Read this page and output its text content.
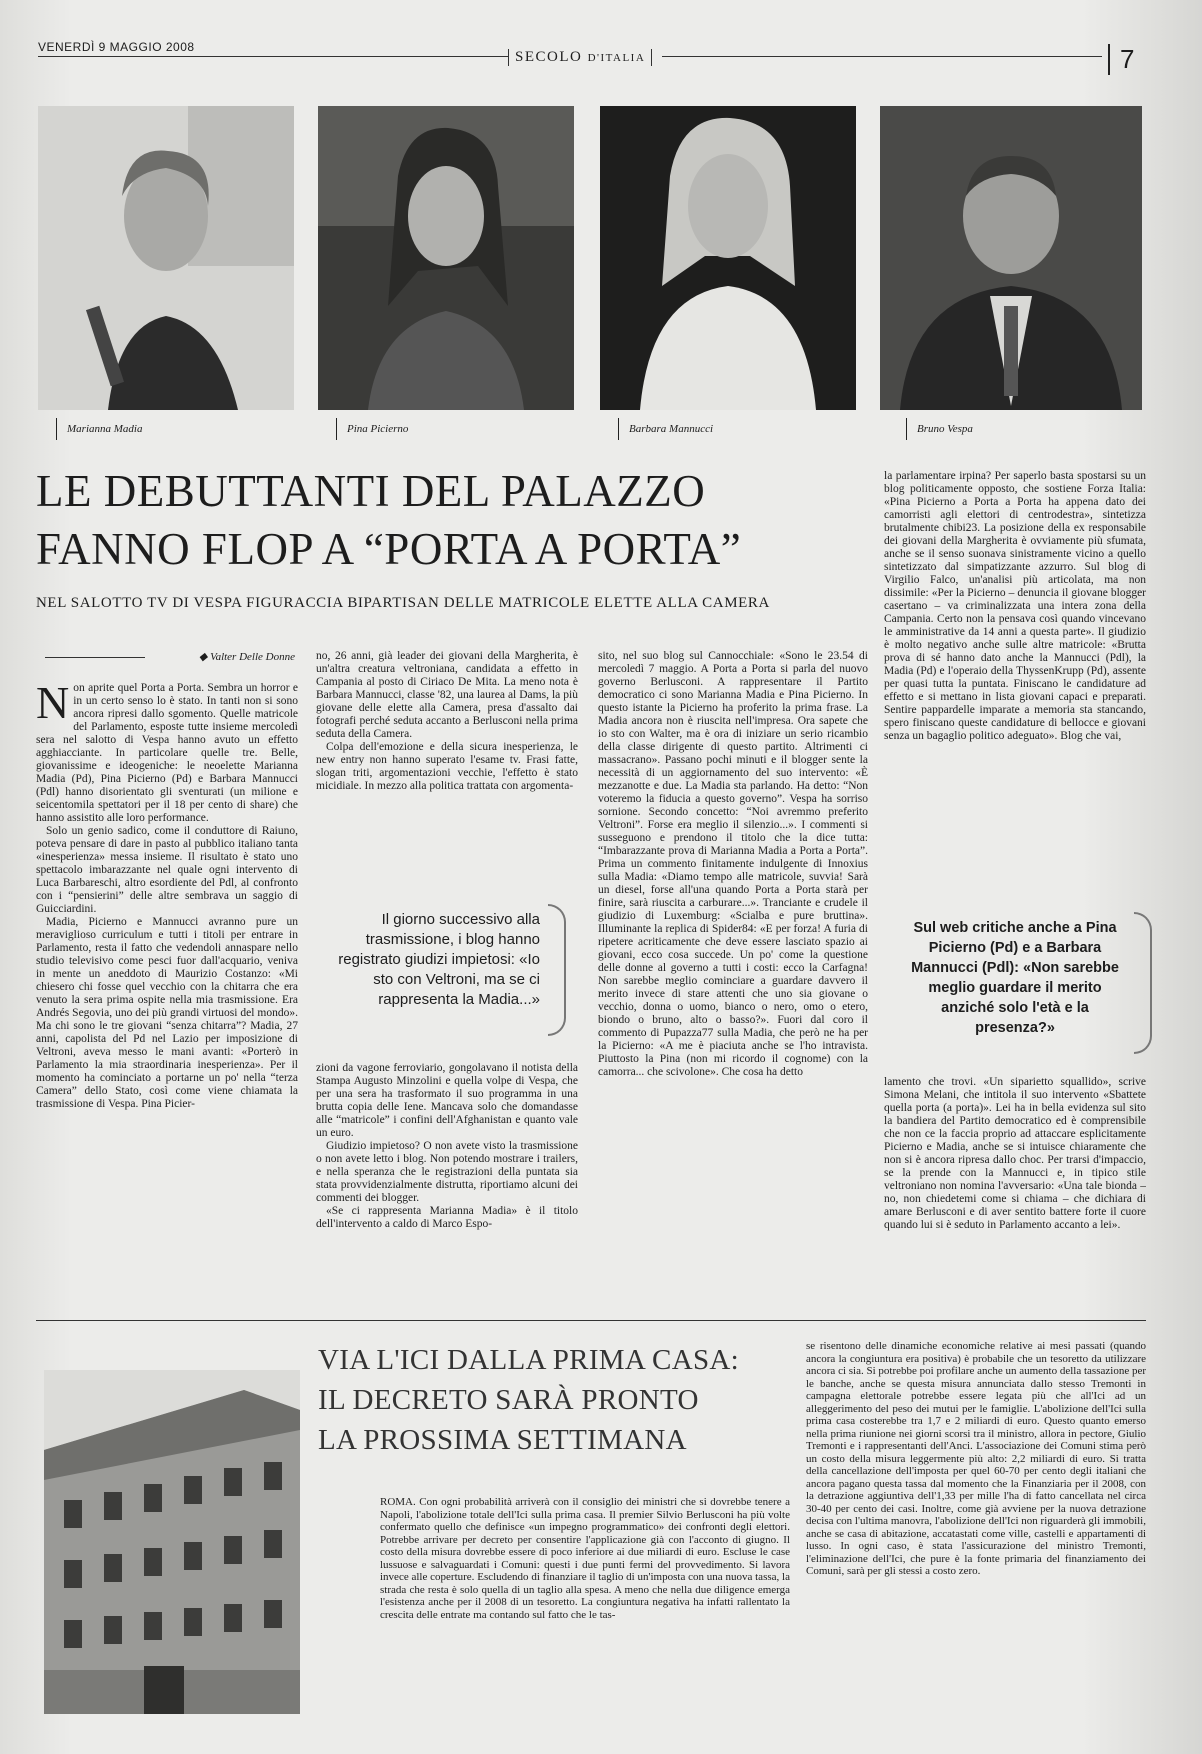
VENERDÌ 9 MAGGIO 2008
SECOLO D'ITALIA	7
Marianna Madia	Pina Picierno	Barbara Mannucci	Bruno Vespa
LE DEBUTTANTI DEL PALAZZO
FANNO FLOP A “PORTA A PORTA”
NEL SALOTTO TV DI VESPA FIGURACCIA BIPARTISAN DELLE MATRICOLE ELETTE ALLA CAMERA
◆ Valter Delle Donne
N on aprite quel Porta a Porta. Sembra un horror e in un certo senso lo è stato. In tanti non si sono ancora ripresi dallo sgomento. Quelle matricole del Parlamento, esposte tutte insieme mercoledì sera nel salotto di Vespa hanno avuto un effetto agghiacciante. In particolare quelle tre. Belle, giovanissime e ideogeniche: le neoelette Marianna Madia (Pd), Pina Picierno (Pd) e Barbara Mannucci (Pdl) hanno disorientato gli sventurati (un milione e seicentomila spettatori per il 18 per cento di share) che hanno assistito alle loro performance.

Solo un genio sadico, come il conduttore di Raiuno, poteva pensare di dare in pasto al pubblico italiano tanta «inesperienza» messa insieme. Il risultato è stato uno spettacolo imbarazzante nel quale ogni intervento di Luca Barbareschi, altro esordiente del Pdl, al confronto con i “pensierini” delle altre sembrava un saggio di Guicciardini.

Madia, Picierno e Mannucci avranno pure un meraviglioso curriculum e tutti i titoli per entrare in Parlamento, resta il fatto che vedendoli annaspare nello studio televisivo come pesci fuor dall'acquario, veniva in mente un aneddoto di Maurizio Costanzo: «Mi chiesero chi fosse quel vecchio con la chitarra che era venuto la sera prima ospite nella mia trasmissione. Era Andrés Segovia, uno dei più grandi virtuosi del mondo». Ma chi sono le tre giovani “senza chitarra”? Madia, 27 anni, capolista del Pd nel Lazio per imposizione di Veltroni, aveva messo le mani avanti: «Porterò in Parlamento la mia straordinaria inesperienza». Per il momento ha cominciato a portarne un po' nella “terza Camera” dello Stato, così come viene chiamata la trasmissione di Vespa. Pina Picier-

no, 26 anni, già leader dei giovani della Margherita, è un'altra creatura veltroniana, candidata a effetto in Campania al posto di Ciriaco De Mita. La meno nota è Barbara Mannucci, classe '82, una laurea al Dams, la più giovane delle elette alla Camera, presa d'assalto dai fotografi perché seduta accanto a Berlusconi nella prima seduta della Camera.

Colpa dell'emozione e della sicura inesperienza, le new entry non hanno superato l'esame tv. Frasi fatte, slogan triti, argomentazioni vecchie, l'effetto è stato micidiale. In mezzo alla politica trattata con argomenta-

Il giorno successivo alla trasmissione, i blog hanno registrato giudizi impietosi: «Io sto con Veltroni, ma se ci rappresenta la Madia...»

zioni da vagone ferroviario, gongolavano il notista della Stampa Augusto Minzolini e quella volpe di Vespa, che per una sera ha trasformato il suo programma in una brutta copia delle Iene. Mancava solo che domandasse alle “matricole” i confini dell'Afghanistan e quanto vale un euro.

Giudizio impietoso? O non avete visto la trasmissione o non avete letto i blog. Non potendo mostrare i trailers, e nella speranza che le registrazioni della puntata sia stata provvidenzialmente distrutta, riportiamo alcuni dei commenti dei blogger.

«Se ci rappresenta Marianna Madia» è il titolo dell'intervento a caldo di Marco Espo-

sito, nel suo blog sul Cannocchiale: «Sono le 23.54 di mercoledì 7 maggio. A Porta a Porta si parla del nuovo governo Berlusconi. A rappresentare il Partito democratico ci sono Marianna Madia e Pina Picierno. In questo istante la Picierno ha proferito la prima frase. La Madia ancora non è riuscita nell'impresa. Ora sapete che io sto con Walter, ma è ora di iniziare un serio ricambio della classe dirigente di questo partito. Altrimenti ci massacrano». Passano pochi minuti e il blogger sente la necessità di un aggiornamento del suo intervento: «È mezzanotte e due. La Madia sta parlando. Ha detto: “Non voteremo la fiducia a questo governo”. Vespa ha sorriso sornione. Secondo concetto: “Noi avremmo preferito Veltroni”. Forse era meglio il silenzio...». I commenti si susseguono e prendono il titolo che la dice tutta: “Imbarazzante prova di Marianna Madia a Porta a Porta”. Prima un commento finitamente indulgente di Innoxius sulla Madia: «Diamo tempo alle matricole, suvvia! Sarà un diesel, forse all'una quando Porta a Porta starà per finire, sarà riuscita a carburare...». Tranciante e crudele il giudizio di Luxemburg: «Scialba e pure bruttina». Illuminante la replica di Spider84: «E per forza! A furia di ripetere acriticamente che deve essere lasciato spazio ai giovani, ecco cosa succede. Un po' come la questione delle donne al governo a tutti i costi: ecco la Carfagna! Non sarebbe meglio cominciare a guardare davvero il merito invece di stare attenti che uno sia giovane o vecchio, donna o uomo, bianco o nero, omo o etero, biondo o bruno, alto o basso?». Fuori dal coro il commento di Pupazza77 sulla Madia, che però ne ha per la Picierno: «A me è piaciuta anche se l'ho intravista. Piuttosto la Pina (non mi ricordo il cognome) con la camorra... che scivolone». Che cosa ha detto

la parlamentare irpina? Per saperlo basta spostarsi su un blog politicamente opposto, che sostiene Forza Italia: «Pina Picierno a Porta a Porta ha appena dato dei camorristi agli elettori di centrodestra», sintetizza brutalmente chibi23. La posizione della ex responsabile dei giovani della Margherita è ovviamente più sfumata, anche se il senso suonava sinistramente vicino a quello sintetizzato dal simpatizzante azzurro. Sul blog di Virgilio Falco, un'analisi più articolata, ma non dissimile: «Per la Picierno – denuncia il giovane blogger casertano – va criminalizzata una intera zona della Campania. Certo non la pensava così quando vincevano le amministrative da 14 anni a questa parte». Il giudizio è molto negativo anche sulle altre matricole: «Brutta prova di sé hanno dato anche la Mannucci (Pdl), la Madia (Pd) e l'operaio della ThyssenKrupp (Pd), assente per quasi tutta la puntata. Finiscano le candidature ad effetto e si mettano in lista giovani capaci e preparati. Sentire pappardelle imparate a memoria sta stancando, spero finiscano queste candidature di bellocce e giovani senza un bagaglio politico adeguato». Blog che vai,

Sul web critiche anche a Pina Picierno (Pd) e a Barbara Mannucci (Pdl): «Non sarebbe meglio guardare il merito anziché solo l'età e la presenza?»

lamento che trovi. «Un siparietto squallido», scrive Simona Melani, che intitola il suo intervento «Sbattete quella porta (a porta)». Lei ha in bella evidenza sul sito la bandiera del Partito democratico ed è comprensibile che non ce la faccia proprio ad attaccare esplicitamente Picierno e Madia, anche se si intuisce chiaramente che non si è ancora ripresa dallo choc. Per trarsi d'impaccio, se la prende con la Mannucci e, in tipico stile veltroniano non nomina l'avversario: «Una tale bionda – no, non chiedetemi come si chiama – che dichiara di amare Berlusconi e di aver sentito battere forte il cuore quando lui si è seduto in Parlamento accanto a lei».

VIA L'ICI DALLA PRIMA CASA:
IL DECRETO SARÀ PRONTO
LA PROSSIMA SETTIMANA

ROMA. Con ogni probabilità arriverà con il consiglio dei ministri che si dovrebbe tenere a Napoli, l'abolizione totale dell'Ici sulla prima casa. Il premier Silvio Berlusconi ha più volte confermato quello che definisce «un impegno programmatico» dei confronti degli elettori. Potrebbe arrivare per decreto per consentire l'applicazione già con l'acconto di giugno. Il costo della misura dovrebbe essere di poco inferiore ai due miliardi di euro. Escluse le case lussuose e salvaguardati i Comuni: questi i due punti fermi del provvedimento. Si lavora invece alle coperture. Escludendo di finanziare il taglio di un'imposta con una nuova tassa, la strada che resta è solo quella di un taglio alla spesa. A meno che nella due diligence emerga l'esistenza anche per il 2008 di un tesoretto. La congiuntura negativa ha infatti rallentato la crescita delle entrate ma contando sul fatto che le tas-

se risentono delle dinamiche economiche relative ai mesi passati (quando ancora la congiuntura era positiva) è probabile che un tesoretto da utilizzare ancora ci sia. Si potrebbe poi profilare anche un aumento della tassazione per le banche, anche se questa misura annunciata dallo stesso Tremonti in campagna elettorale potrebbe essere legata più che all'Ici ad un alleggerimento del peso dei mutui per le famiglie. L'abolizione dell'Ici sulla prima casa costerebbe tra 1,7 e 2 miliardi di euro. Questo quanto emerso nella prima riunione nei giorni scorsi tra il ministro, allora in pectore, Giulio Tremonti e i rappresentanti dell'Anci. L'associazione dei Comuni stima però un costo della misura leggermente più alto: 2,2 miliardi di euro. Si tratta della cancellazione dell'imposta per quel 60-70 per cento degli italiani che ancora pagano questa tassa dal momento che la Finanziaria per il 2008, con la detrazione aggiuntiva dell'1,33 per mille l'ha di fatto cancellata nel circa 30-40 per cento dei casi. Inoltre, come già avviene per la nuova detrazione decisa con l'ultima manovra, l'abolizione dell'Ici non riguarderà gli immobili, anche se casa di abitazione, accatastati come ville, castelli e appartamenti di lusso. In ogni caso, è stata l'assicurazione del ministro Tremonti, l'eliminazione dell'Ici, che pure è la fonte primaria del finanziamento dei Comuni, sarà per gli stessi a costo zero.
